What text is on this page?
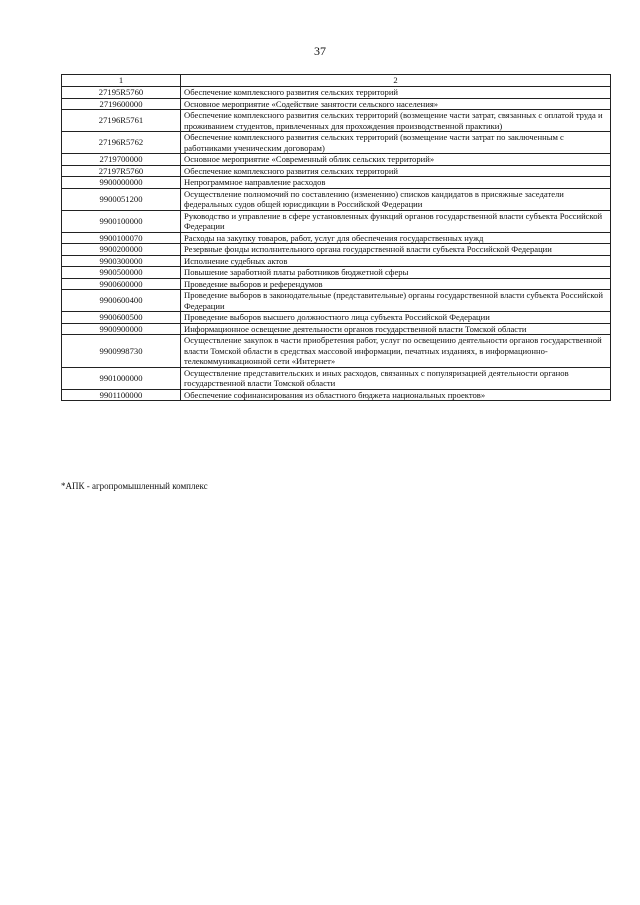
37
1	2
27195R5760	Обеспечение комплексного развития сельских территорий
2719600000	Основное мероприятие «Содействие занятости сельского населения»
27196R5761	Обеспечение комплексного развития сельских территорий (возмещение части затрат, связанных с оплатой труда и проживанием студентов, привлеченных для прохождения производственной практики)
27196R5762	Обеспечение комплексного развития сельских территорий (возмещение части затрат по заключенным с работниками ученическим договорам)
2719700000	Основное мероприятие «Современный облик сельских территорий»
27197R5760	Обеспечение комплексного развития сельских территорий
9900000000	Непрограммное направление расходов
9900051200	Осуществление полномочий по составлению (изменению) списков кандидатов в присяжные заседатели федеральных судов общей юрисдикции в Российской Федерации
9900100000	Руководство и управление в сфере установленных функций органов государственной власти субъекта Российской Федерации
9900100070	Расходы на закупку товаров, работ, услуг для обеспечения государственных нужд
9900200000	Резервные фонды исполнительного органа государственной власти субъекта Российской Федерации
9900300000	Исполнение судебных актов
9900500000	Повышение заработной платы работников бюджетной сферы
9900600000	Проведение выборов и референдумов
9900600400	Проведение выборов в законодательные (представительные) органы государственной власти субъекта Российской Федерации
9900600500	Проведение выборов высшего должностного лица субъекта Российской Федерации
9900900000	Информационное освещение деятельности органов государственной власти Томской области
9900998730	Осуществление закупок в части приобретения работ, услуг по освещению деятельности органов государственной власти Томской области в средствах массовой информации, печатных изданиях, в информационно-телекоммуникационной сети «Интернет»
9901000000	Осуществление представительских и иных расходов, связанных с популяризацией деятельности органов государственной власти Томской области
9901100000	Обеспечение софинансирования из областного бюджета национальных проектов»
*АПК - агропромышленный комплекс
